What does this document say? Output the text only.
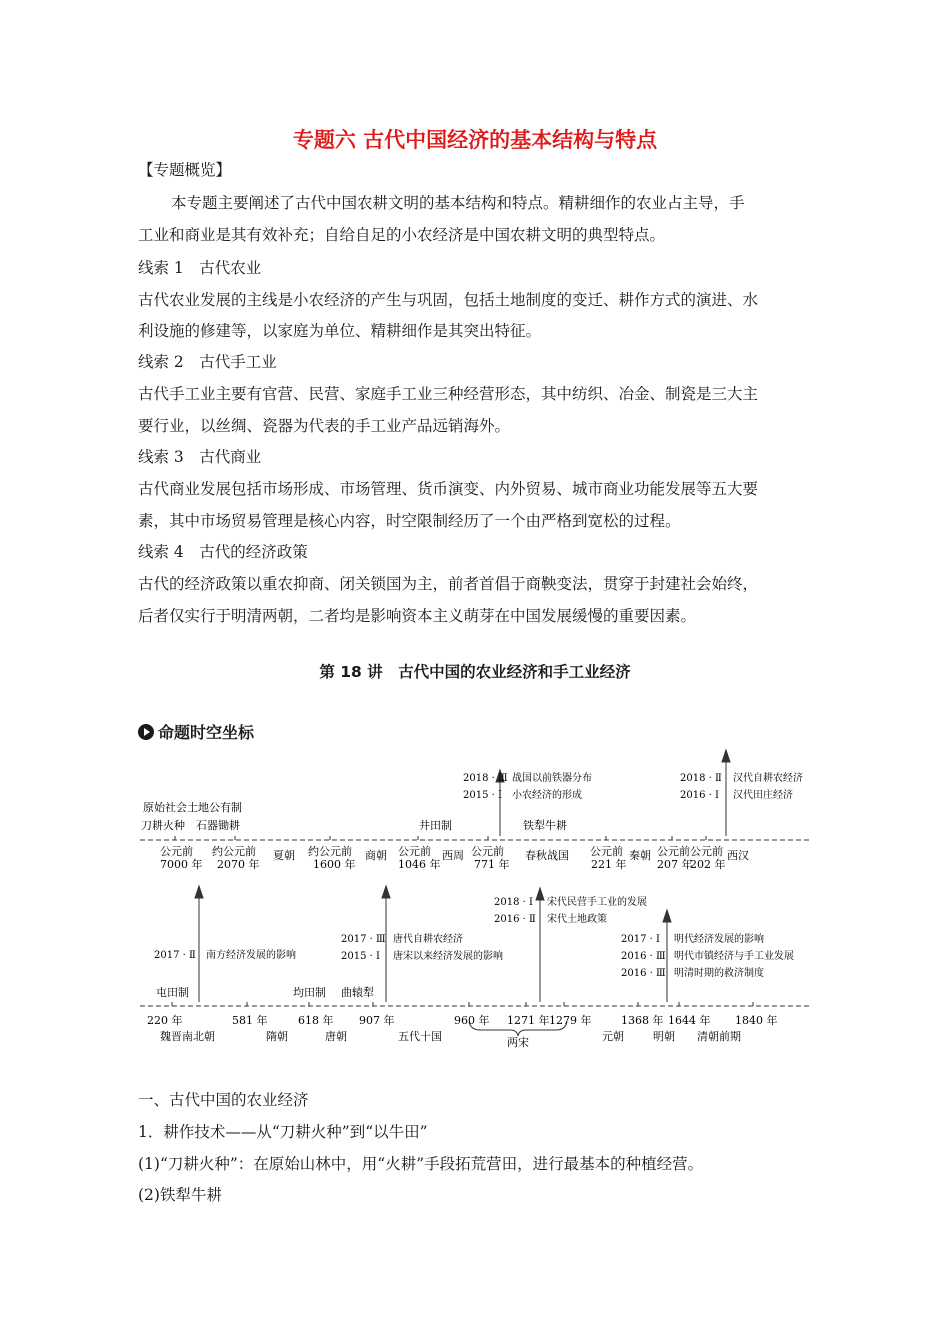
专题六 古代中国经济的基本结构与特点
【专题概览】
本专题主要阐述了古代中国农耕文明的基本结构和特点。精耕细作的农业占主导，手
工业和商业是其有效补充；自给自足的小农经济是中国农耕文明的典型特点。
线索 1　古代农业
古代农业发展的主线是小农经济的产生与巩固，包括土地制度的变迁、耕作方式的演进、水
利设施的修建等，以家庭为单位、精耕细作是其突出特征。
线索 2　古代手工业
古代手工业主要有官营、民营、家庭手工业三种经营形态，其中纺织、冶金、制瓷是三大主
要行业，以丝绸、瓷器为代表的手工业产品远销海外。
线索 3　古代商业
古代商业发展包括市场形成、市场管理、货币演变、内外贸易、城市商业功能发展等五大要
素，其中市场贸易管理是核心内容，时空限制经历了一个由严格到宽松的过程。
线索 4　古代的经济政策
古代的经济政策以重农抑商、闭关锁国为主，前者首倡于商鞅变法，贯穿于封建社会始终，
后者仅实行于明清两朝，二者均是影响资本主义萌芽在中国发展缓慢的重要因素。
第 18 讲　古代中国的农业经济和手工业经济
命题时空坐标
原始社会土地公有制
刀耕火种 石器锄耕	井田制	铁犁牛耕
2018 · Ⅲ
2015 · Ⅰ
战国以前铁器分布
小农经济的形成
2018 · Ⅱ
2016 · Ⅰ
汉代自耕农经济
汉代田庄经济
公元前
7000 年
约公元前
2070 年
夏朝 约公元前
1600 年
商朝 公元前
1046 年
西周 公元前
771 年
春秋战国 公元前
221 年
秦朝 公元前
207 年
公元前
202 年
西汉
屯田制	均田制 曲辕犁
2017 · Ⅱ 南方经济发展的影响
2017 · Ⅲ
2015 · Ⅰ
唐代自耕农经济
唐宋以来经济发展的影响
2018 · Ⅰ
2016 · Ⅱ
宋代民营手工业的发展
宋代土地政策
2017 · Ⅰ
2016 · Ⅲ
2016 · Ⅲ
明代经济发展的影响
明代市镇经济与手工业发展
明清时期的救济制度
220 年
魏晋南北朝
581 年
隋朝
618 年
唐朝
907 年
五代十国
960 年 1271 年 1279 年
两宋
1368 年
元朝
1644 年
明朝
1840 年
清朝前期
一、古代中国的农业经济
1．耕作技术——从“刀耕火种”到“以牛田”
(1)“刀耕火种”：在原始山林中，用“火耕”手段拓荒营田，进行最基本的种植经营。
(2)铁犁牛耕
